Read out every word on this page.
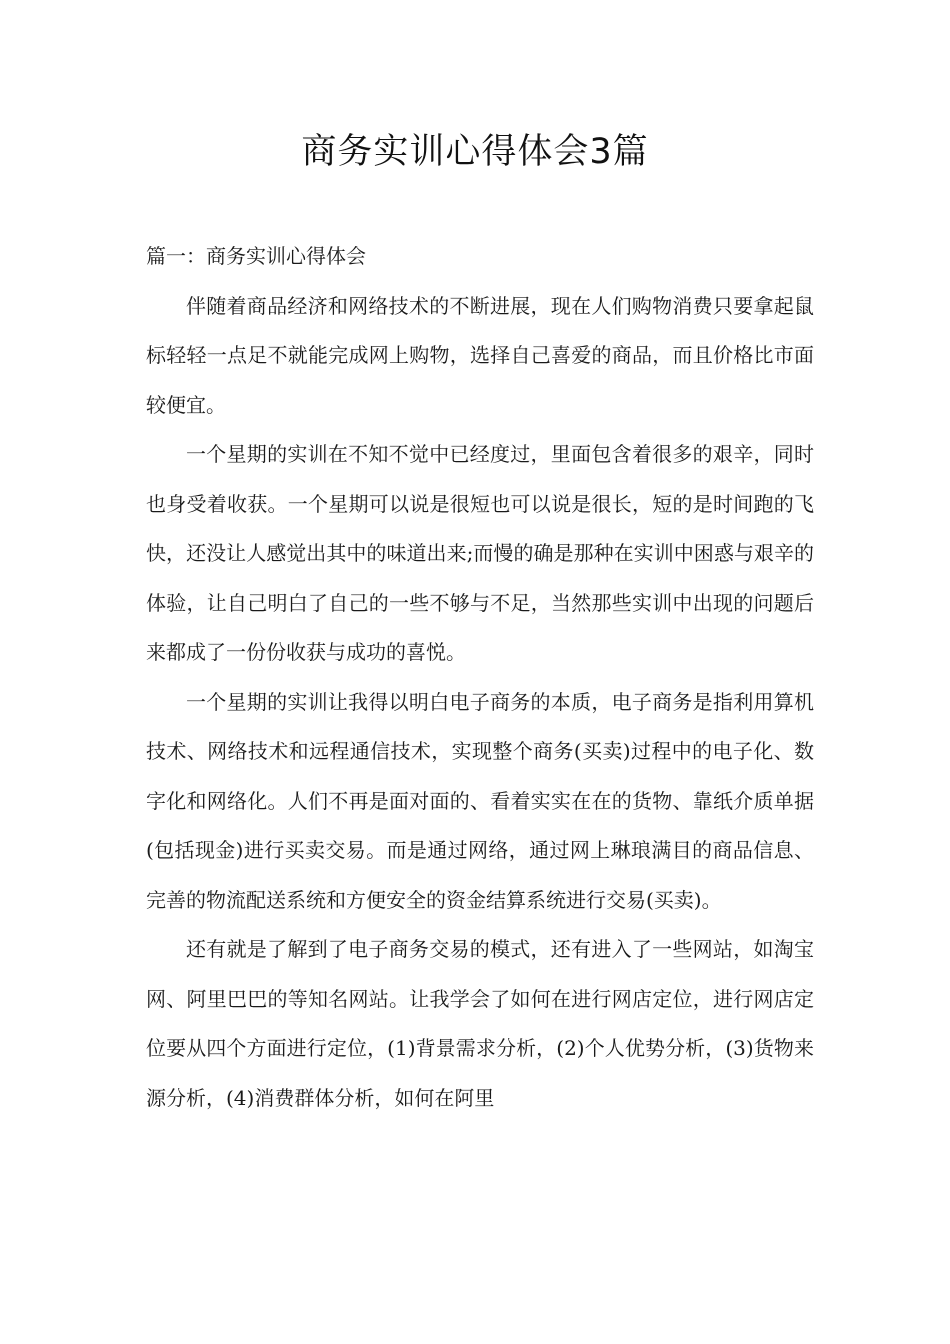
商务实训心得体会3篇

篇一：商务实训心得体会

伴随着商品经济和网络技术的不断进展，现在人们购物消费只要拿起鼠标轻轻一点足不就能完成网上购物，选择自己喜爱的商品，而且价格比市面较便宜。

一个星期的实训在不知不觉中已经度过，里面包含着很多的艰辛，同时也身受着收获。一个星期可以说是很短也可以说是很长，短的是时间跑的飞快，还没让人感觉出其中的味道出来;而慢的确是那种在实训中困惑与艰辛的体验，让自己明白了自己的一些不够与不足，当然那些实训中出现的问题后来都成了一份份收获与成功的喜悦。

一个星期的实训让我得以明白电子商务的本质，电子商务是指利用算机技术、网络技术和远程通信技术，实现整个商务(买卖)过程中的电子化、数字化和网络化。人们不再是面对面的、看着实实在在的货物、靠纸介质单据(包括现金)进行买卖交易。而是通过网络，通过网上琳琅满目的商品信息、完善的物流配送系统和方便安全的资金结算系统进行交易(买卖)。

还有就是了解到了电子商务交易的模式，还有进入了一些网站，如淘宝网、阿里巴巴的等知名网站。让我学会了如何在进行网店定位，进行网店定位要从四个方面进行定位，(1)背景需求分析，(2)个人优势分析，(3)货物来源分析，(4)消费群体分析，如何在阿里
